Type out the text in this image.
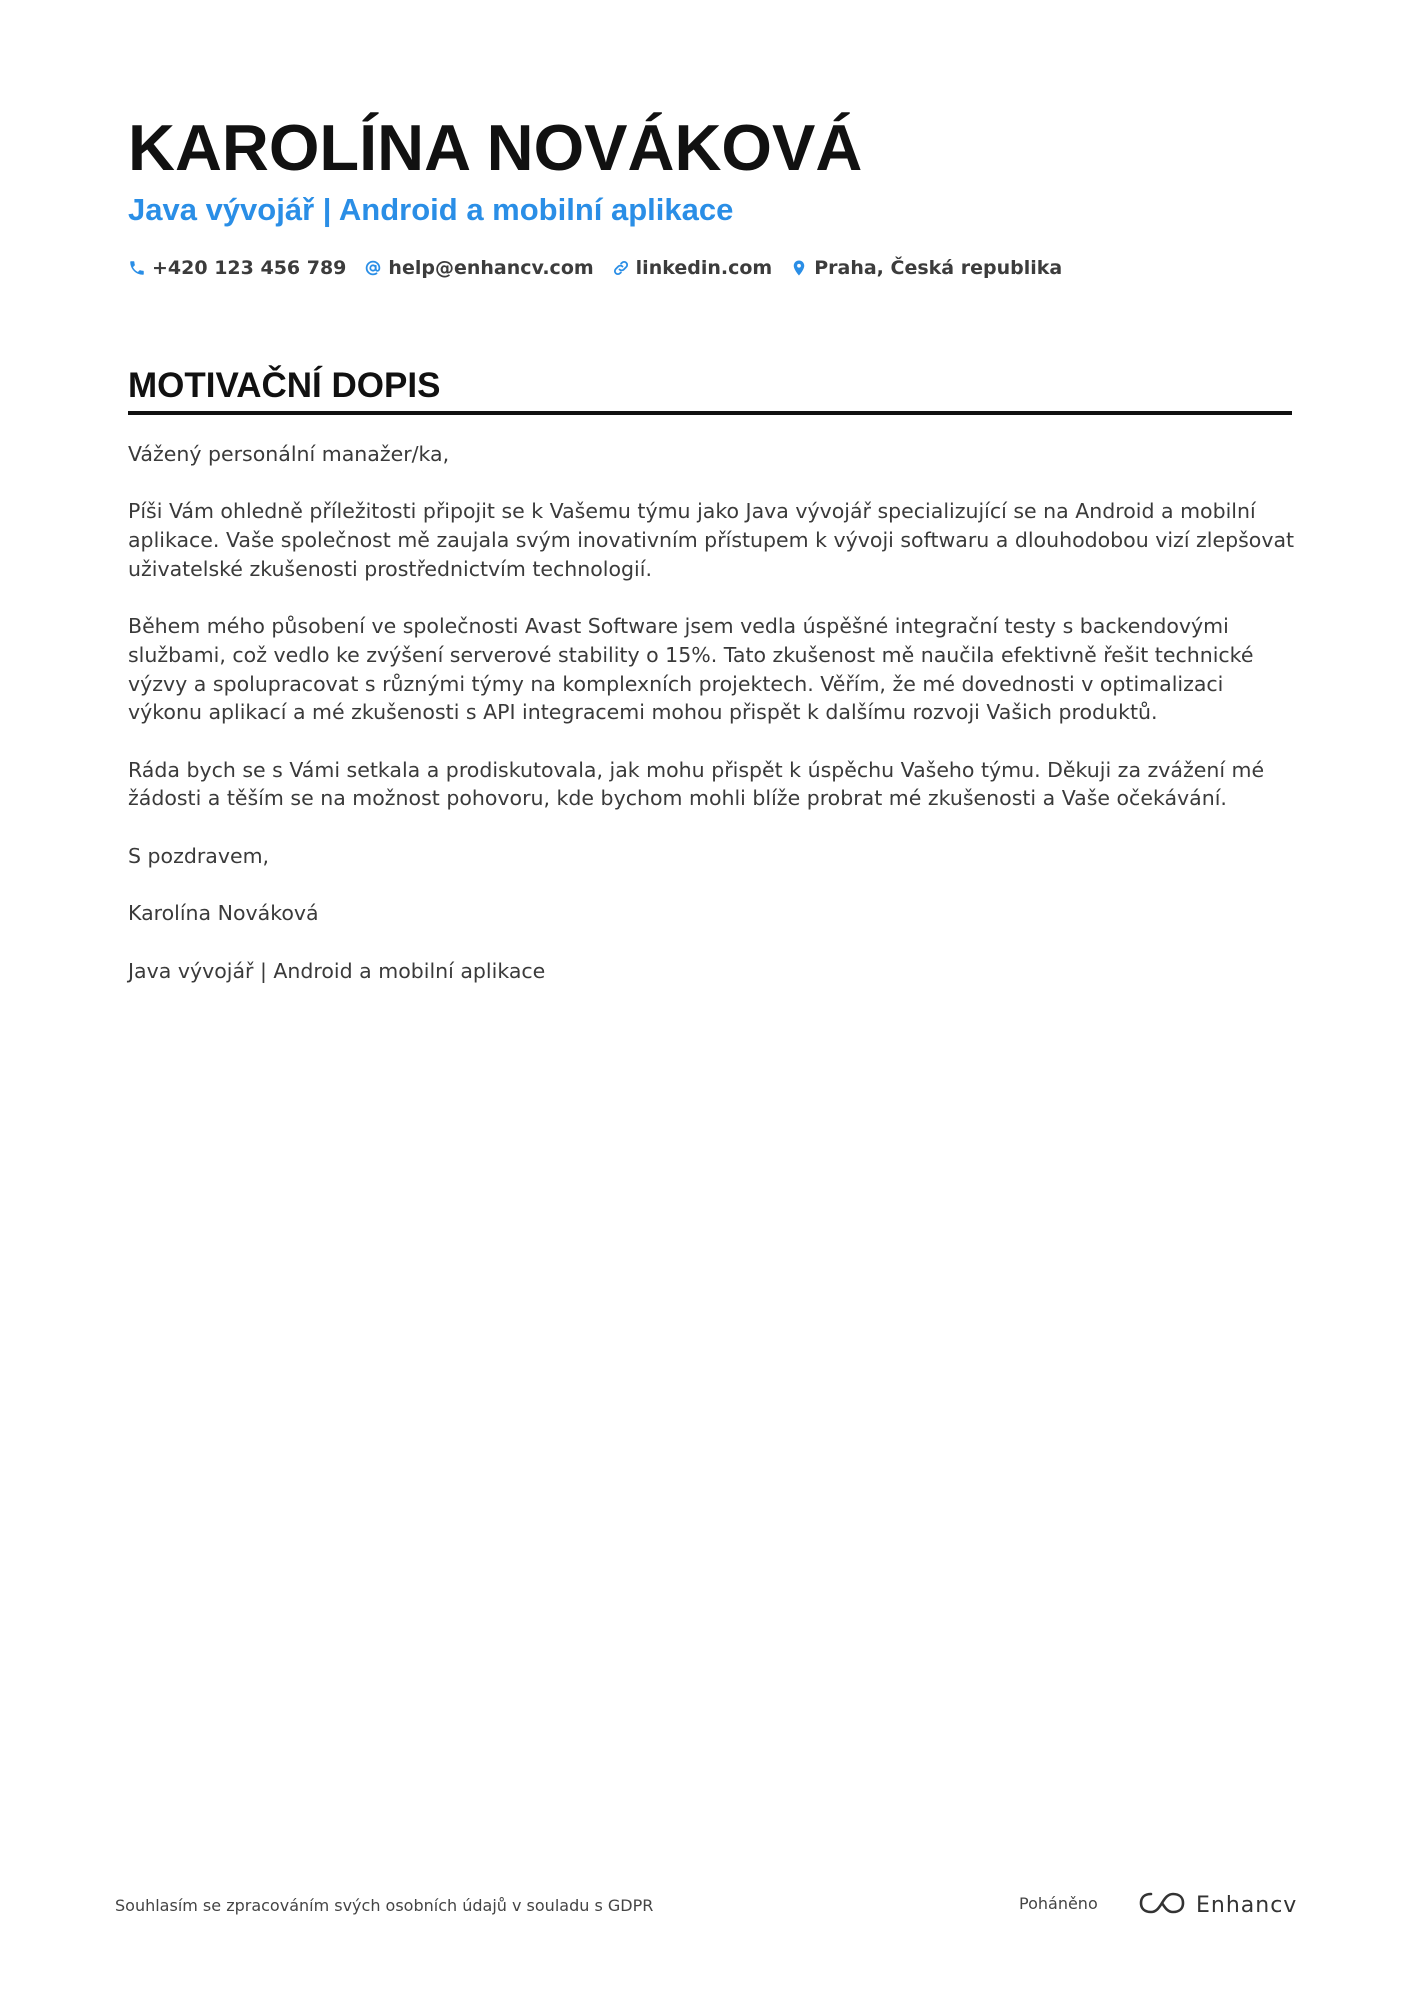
KAROLÍNA NOVÁKOVÁ
Java vývojář | Android a mobilní aplikace
+420 123 456 789 help@enhancv.com linkedin.com Praha, Česká republika
MOTIVAČNÍ DOPIS

Vážený personální manažer/ka,

Píši Vám ohledně příležitosti připojit se k Vašemu týmu jako Java vývojář specializující se na Android a mobilní aplikace. Vaše společnost mě zaujala svým inovativním přístupem k vývoji softwaru a dlouhodobou vizí zlepšovat uživatelské zkušenosti prostřednictvím technologií.

Během mého působení ve společnosti Avast Software jsem vedla úspěšné integrační testy s backendovými službami, což vedlo ke zvýšení serverové stability o 15%. Tato zkušenost mě naučila efektivně řešit technické výzvy a spolupracovat s různými týmy na komplexních projektech. Věřím, že mé dovednosti v optimalizaci výkonu aplikací a mé zkušenosti s API integracemi mohou přispět k dalšímu rozvoji Vašich produktů.

Ráda bych se s Vámi setkala a prodiskutovala, jak mohu přispět k úspěchu Vašeho týmu. Děkuji za zvážení mé žádosti a těším se na možnost pohovoru, kde bychom mohli blíže probrat mé zkušenosti a Vaše očekávání.

S pozdravem,

Karolína Nováková

Java vývojář | Android a mobilní aplikace

Souhlasím se zpracováním svých osobních údajů v souladu s GDPR	Poháněno	Enhancv
